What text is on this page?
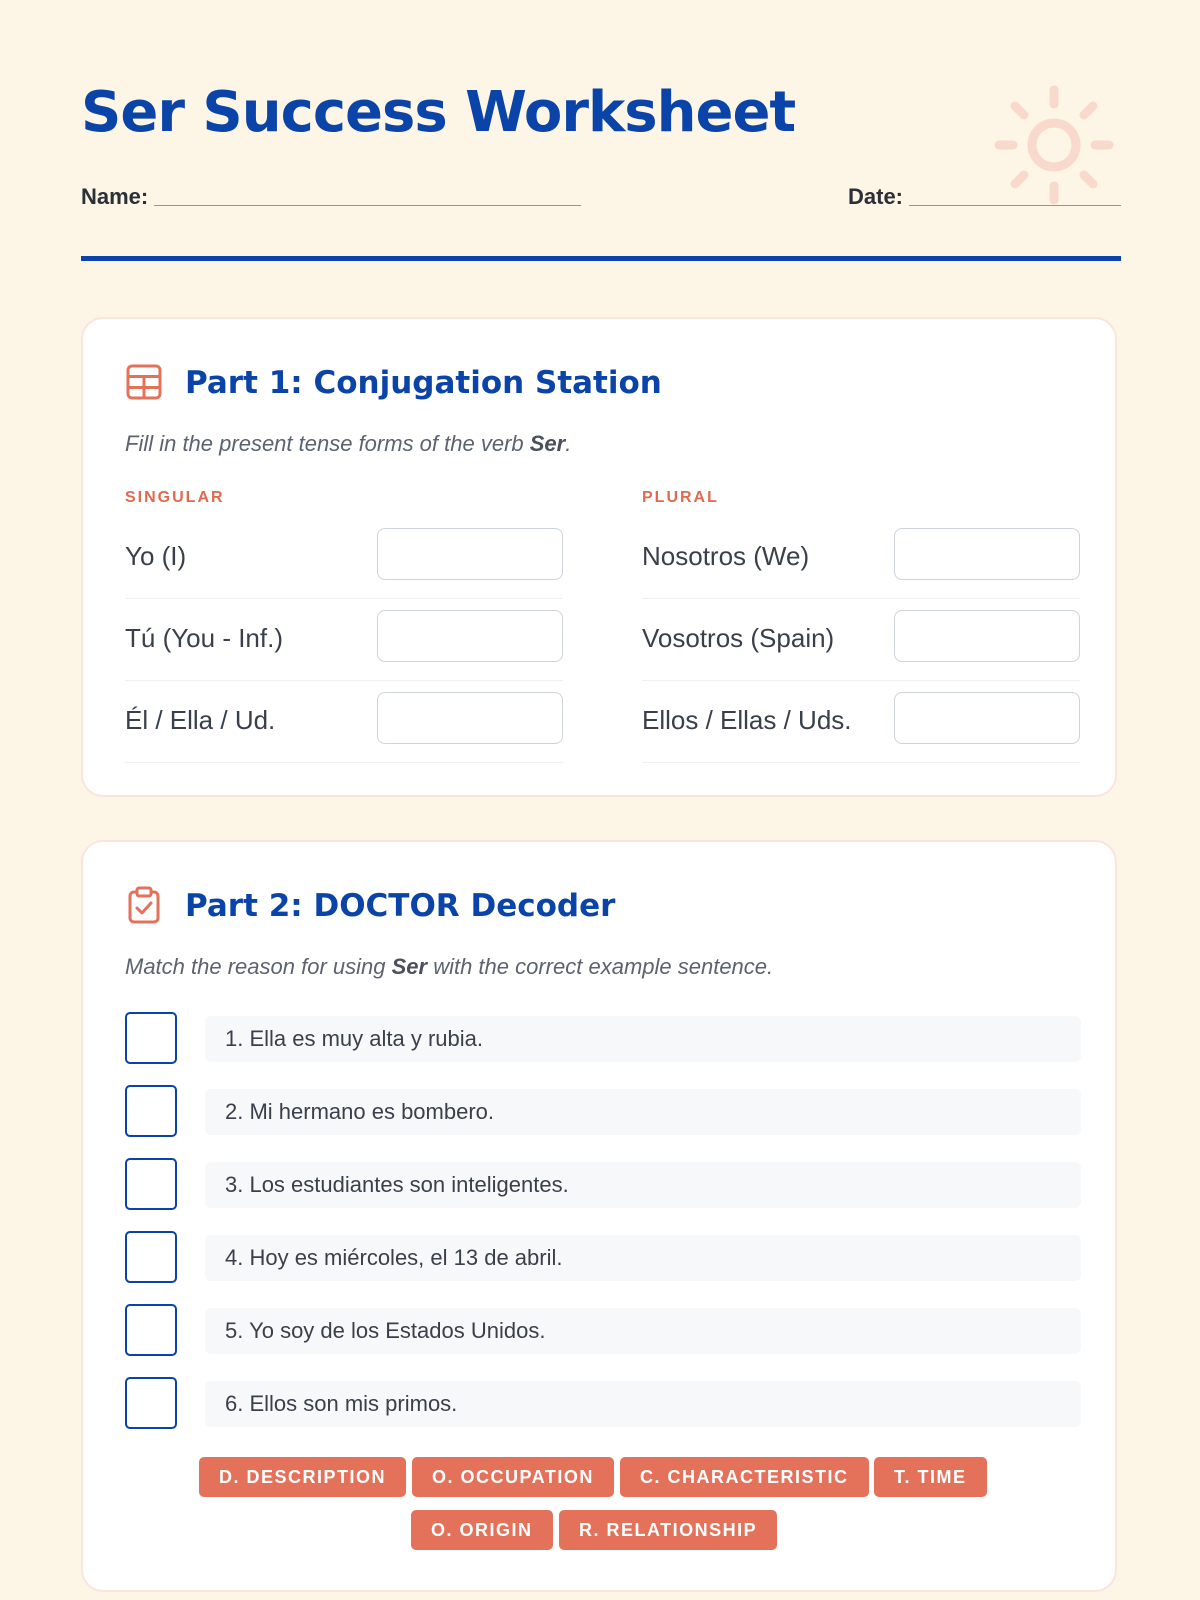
Ser Success Worksheet
Name:	Date:
Part 1: Conjugation Station

Fill in the present tense forms of the verb Ser.

SINGULAR	PLURAL
Yo (I)
Tú (You - Inf.)
Él / Ella / Ud.
Nosotros (We)
Vosotros (Spain)
Ellos / Ellas / Uds.
Part 2: DOCTOR Decoder

Match the reason for using Ser with the correct example sentence.

1. Ella es muy alta y rubia.
2. Mi hermano es bombero.
3. Los estudiantes son inteligentes.
4. Hoy es miércoles, el 13 de abril.
5. Yo soy de los Estados Unidos.
6. Ellos son mis primos.
D. DESCRIPTION	O. OCCUPATION	C. CHARACTERISTIC	T. TIME
O. ORIGIN	R. RELATIONSHIP
